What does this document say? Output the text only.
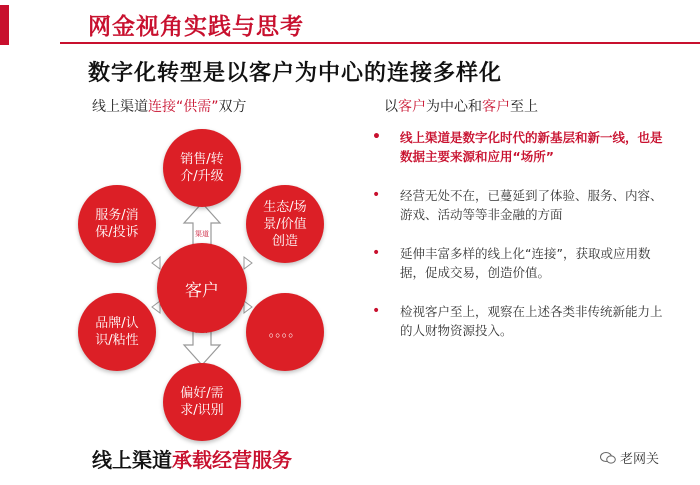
网金视角实践与思考
数字化转型是以客户为中心的连接多样化
线上渠道连接“供需”双方	以客户为中心和客户至上
渠道
销售/转介/升级
生态/场景/价值创造
。。。。
偏好/需求/识别
品牌/认识/粘性
服务/消保/投诉
客户
• 线上渠道是数字化时代的新基层和新一线，也是数据主要来源和应用“场所”
• 经营无处不在，已蔓延到了体验、服务、内容、游戏、活动等等非金融的方面
• 延伸丰富多样的线上化“连接”，获取或应用数据，促成交易，创造价值。
• 检视客户至上，观察在上述各类非传统新能力上的人财物资源投入。
线上渠道承载经营服务	老网关
